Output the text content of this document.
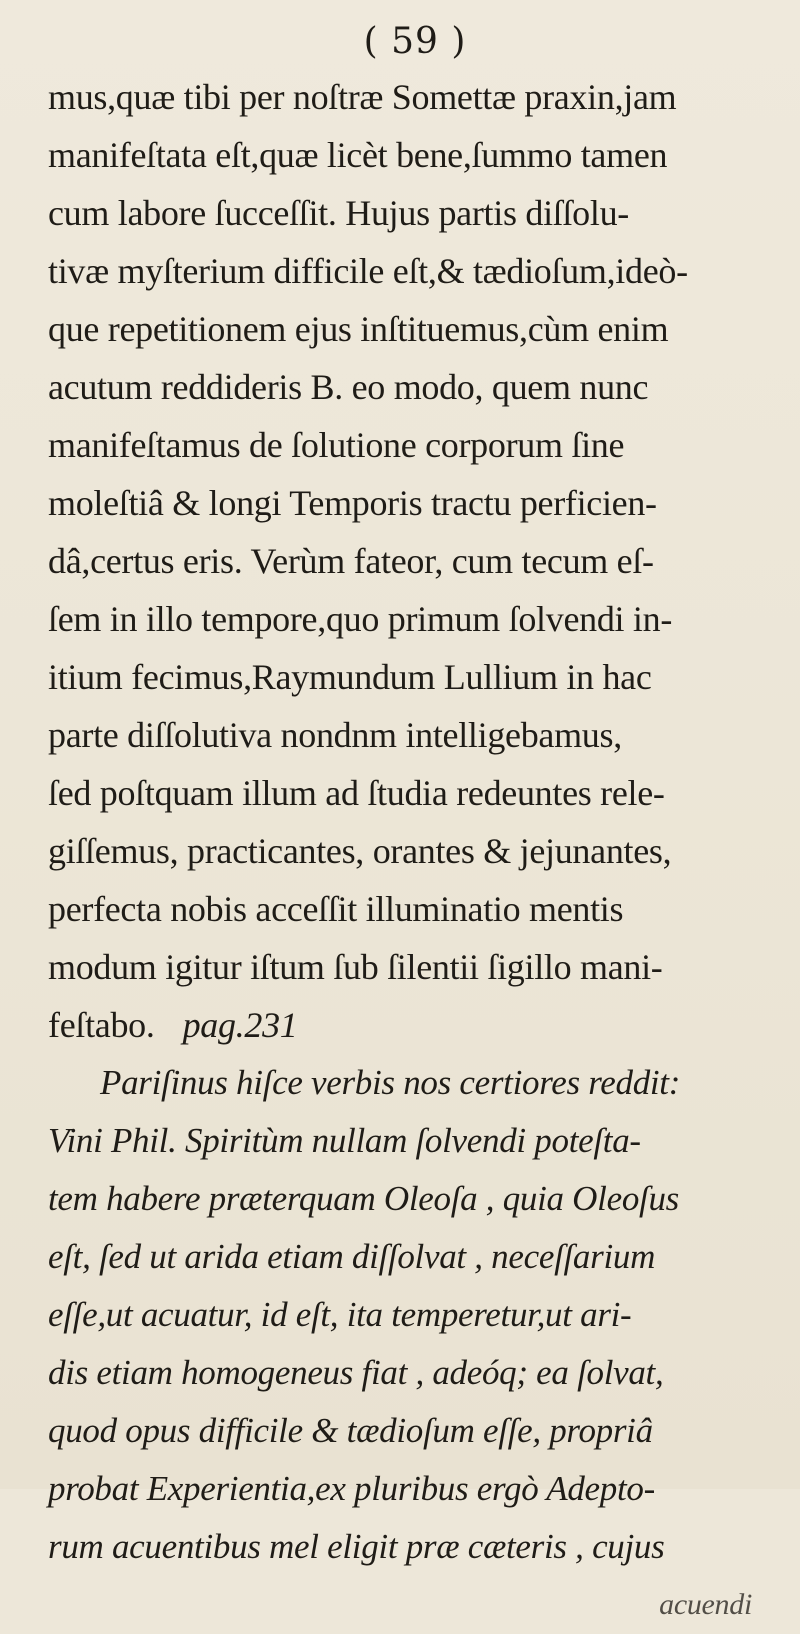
( 59 )
mus,quæ tibi per noſtræ Somettæ praxin,jam
manifeſtata eſt,quæ licèt bene,ſummo tamen
cum labore ſucceſſit. Hujus partis diſſolu-
tivæ myſterium difficile eſt,& tædioſum,ideò-
que repetitionem ejus inſtituemus,cùm enim
acutum reddideris B. eo modo, quem nunc
manifeſtamus de ſolutione corporum ſine
moleſtiâ & longi Temporis tractu perficien-
dâ,certus eris. Verùm fateor, cum tecum eſ-
ſem in illo tempore,quo primum ſolvendi in-
itium fecimus,Raymundum Lullium in hac
parte diſſolutiva nondnm intelligebamus,
ſed poſtquam illum ad ſtudia redeuntes rele-
giſſemus, practicantes, orantes & jejunantes,
perfecta nobis acceſſit illuminatio mentis
modum igitur iſtum ſub ſilentii ſigillo mani-
feſtabo. pag.231
Pariſinus hiſce verbis nos certiores reddit:
Vini Phil. Spiritùm nullam ſolvendi poteſta-
tem habere præterquam Oleoſa , quia Oleoſus
eſt, ſed ut arida etiam diſſolvat , neceſſarium
eſſe,ut acuatur, id eſt, ita temperetur,ut ari-
dis etiam homogeneus fiat , adeóq; ea ſolvat,
quod opus difficile & tædioſum eſſe, propriâ
probat Experientia,ex pluribus ergò Adepto-
rum acuentibus mel eligit præ cæteris , cujus
acuendi
